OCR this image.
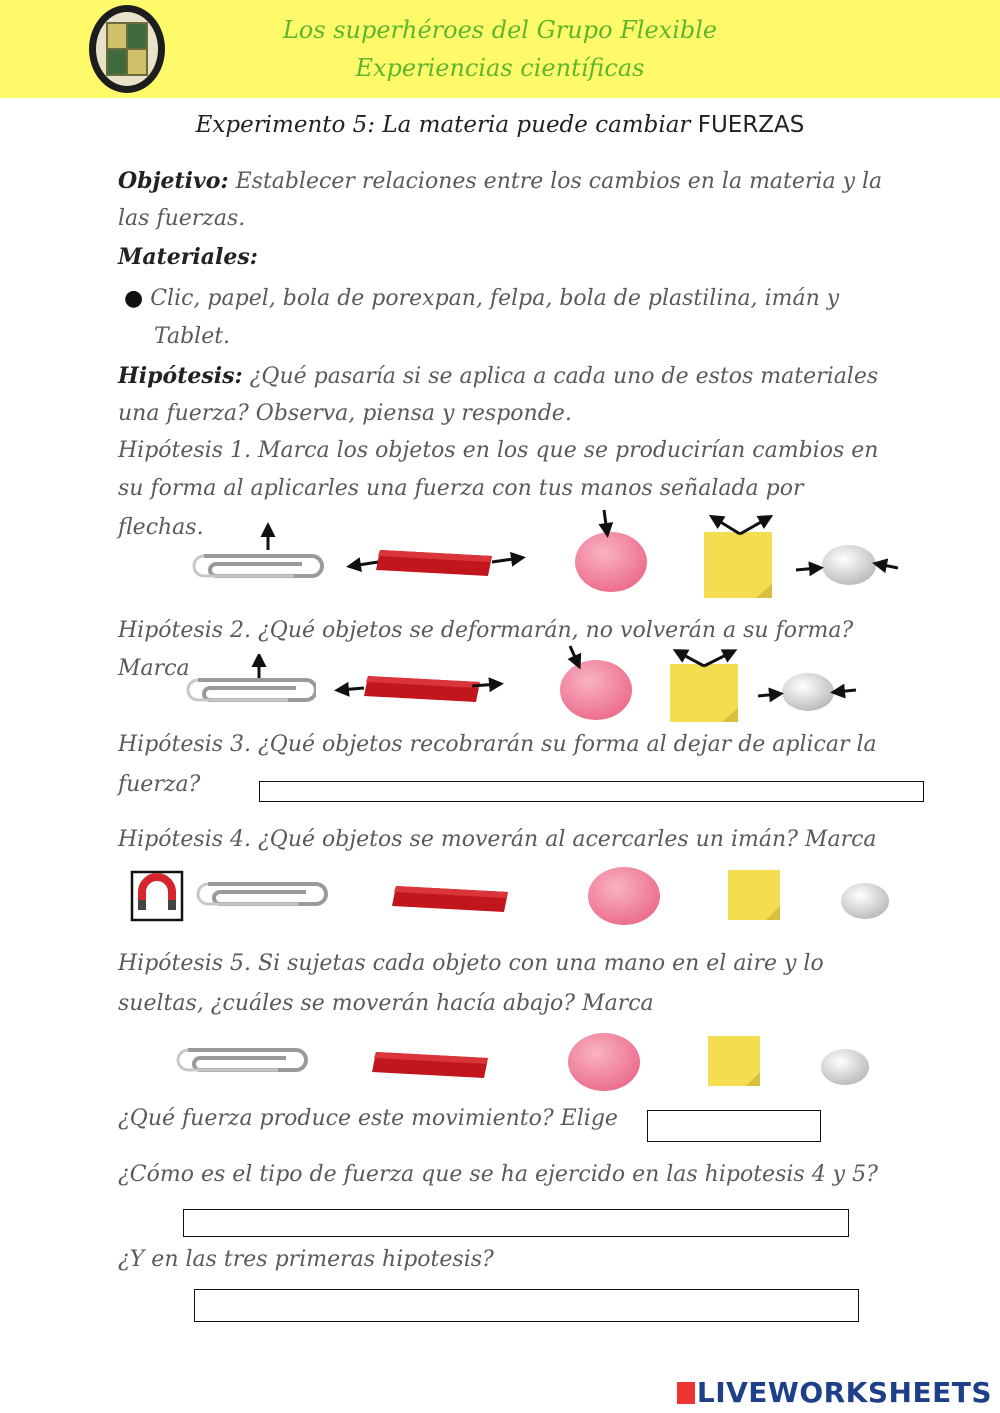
Los superhéroes del Grupo Flexible
Experiencias científicas
Experimento 5: La materia puede cambiar FUERZAS
Objetivo: Establecer relaciones entre los cambios en la materia y la
las fuerzas.
Materiales:
● Clic, papel, bola de porexpan, felpa, bola de plastilina, imán y
Tablet.
Hipótesis: ¿Qué pasaría si se aplica a cada uno de estos materiales
una fuerza? Observa, piensa y responde.
Hipótesis 1. Marca los objetos en los que se producirían cambios en
su forma al aplicarles una fuerza con tus manos señalada por
flechas.
Hipótesis 2. ¿Qué objetos se deformarán, no volverán a su forma?
Marca
Hipótesis 3. ¿Qué objetos recobrarán su forma al dejar de aplicar la
fuerza?
Hipótesis 4. ¿Qué objetos se moverán al acercarles un imán? Marca
Hipótesis 5. Si sujetas cada objeto con una mano en el aire y lo
sueltas, ¿cuáles se moverán hacía abajo? Marca
¿Qué fuerza produce este movimiento? Elige
¿Cómo es el tipo de fuerza que se ha ejercido en las hipotesis 4 y 5?
¿Y en las tres primeras hipotesis?
LIVEWORKSHEETS
